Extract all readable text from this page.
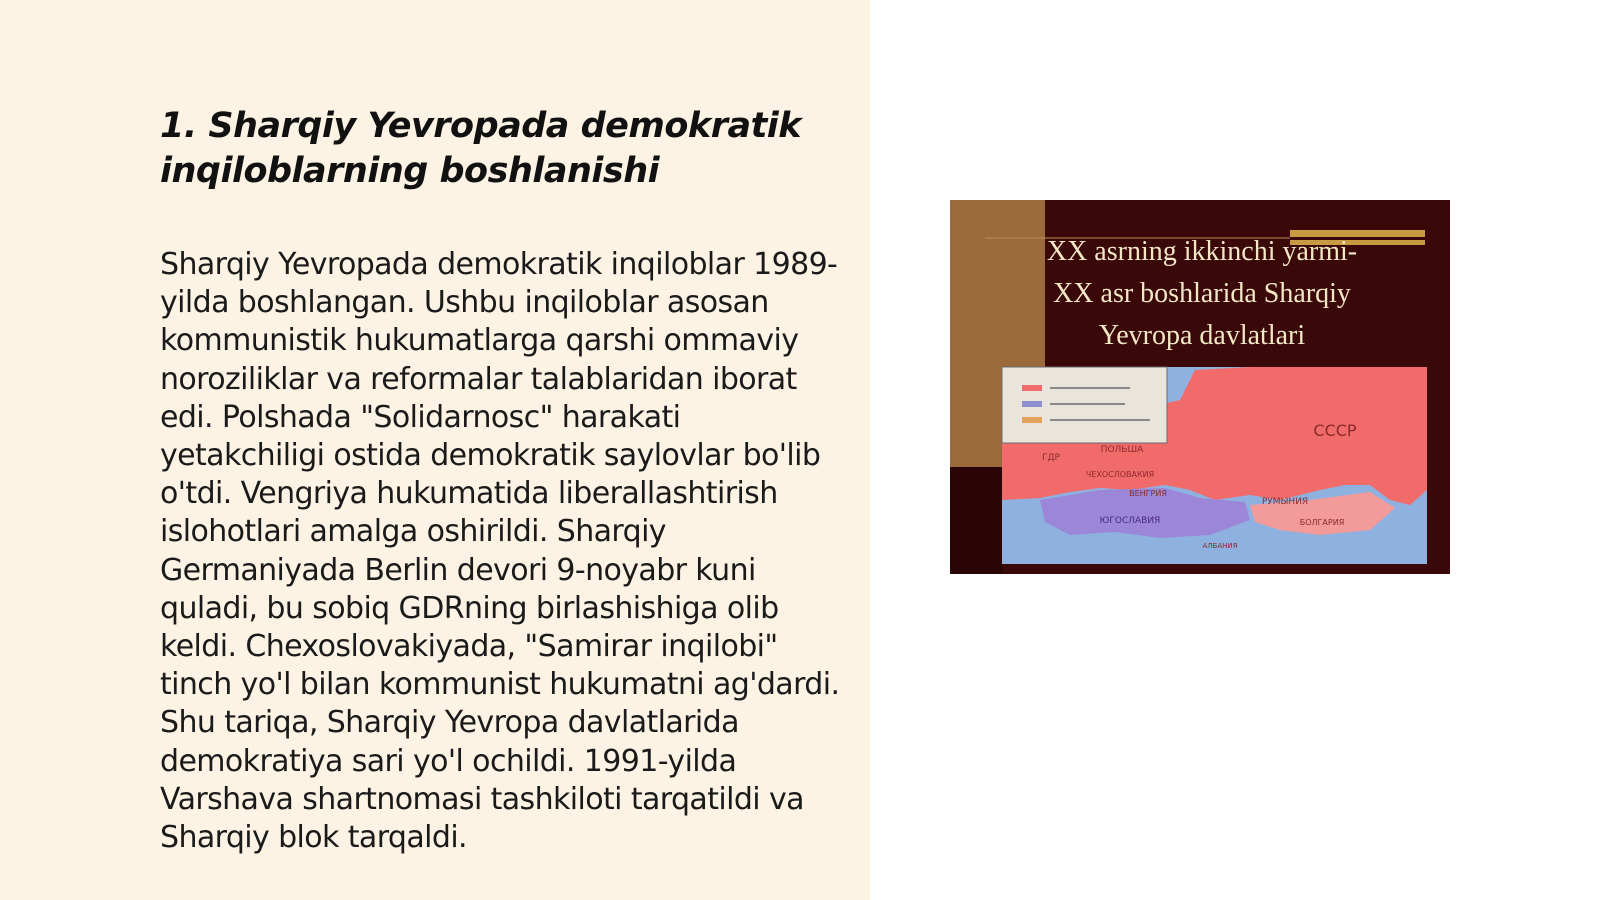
1. Sharqiy Yevropada demokratik inqiloblarning boshlanishi

Sharqiy Yevropada demokratik inqiloblar 1989-yilda boshlangan. Ushbu inqiloblar asosan kommunistik hukumatlarga qarshi ommaviy noroziliklar va reformalar talablaridan iborat edi. Polshada "Solidarnosc" harakati yetakchiligi ostida demokratik saylovlar bo'lib o'tdi. Vengriya hukumatida liberallashtirish islohotlari amalga oshirildi. Sharqiy Germaniyada Berlin devori 9-noyabr kuni quladi, bu sobiq GDRning birlashishiga olib keldi. Chexoslovakiyada, "Samirar inqilobi" tinch yo'l bilan kommunist hukumatni ag'dardi. Shu tariqa, Sharqiy Yevropa davlatlarida demokratiya sari yo'l ochildi. 1991-yilda Varshava shartnomasi tashkiloti tarqatildi va Sharqiy blok tarqaldi.

XX asrning ikkinchi yarmi-
XX asr boshlarida Sharqiy
Yevropa davlatlari
СССР
ГДР
ПОЛЬША
ЧЕХОСЛОВАКИЯ
ВЕНГРИЯ
РУМЫНИЯ
ЮГОСЛАВИЯ	БОЛГАРИЯ
АЛБАНИЯ
